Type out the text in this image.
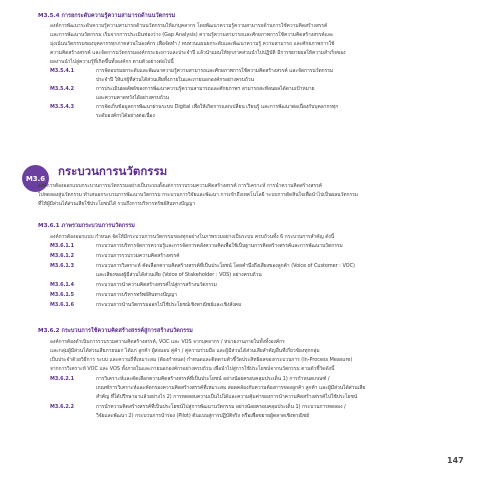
M3.5.4 การยกระดับความรู้ความสามารถด้านนวัตกรรม
องค์การพัฒนาระดับความรู้ความสามารถด้านนวัตกรรมให้แก่บุคลากร โดยพัฒนาความรู้ความสามารถด้านการใช้ความคิดสร้างสรรค์
และการพัฒนานวัตกรรม เริ่มจากการประเมินช่องว่าง (Gap Analysis) ความรู้ความสามารถและศักยภาพการใช้ความคิดสร้างสรรค์และ
มุ่งเน้นนวัตกรรมของบุคลากรทุกภาคส่วนในองค์กร เพื่อจัดทำ / ทบทวนแผนยกระดับและพัฒนาความรู้ ความสามารถ และศักยภาพการใช้
ความคิดสร้างสรรค์ และจัดการนวัตกรรมองค์กรระยะยาวและประจำปี แล้วนำแผนให้ทุกภาคส่วนนำไปปฏิบัติ มีการขยายผลให้ความสำเร็จของ
ผลงานนำไปสู่ความรู้ที่เกิดขึ้นทั้งองค์กร ตามตัวอย่างต่อไปนี้
M3.5.4.1	การจัดอบรมยกระดับและพัฒนาความรู้ความสามารถและศักยภาพการใช้ความคิดสร้างสรรค์ และจัดการนวัตกรรม
ประจำปี ให้แก่ผู้ที่ส่วนได้ส่วนเสียทั้งภายในและภายนอกองค์กรอย่างครบถ้วน
M3.5.4.2	การประเมินผลลัพธ์ของการพัฒนาความรู้ความสามารถและศักยภาพฯ สามารถสะท้อนผลได้ตามเป้าหมาย
และความคาดหวังได้อย่างครบถ้วน
M3.5.4.3	การจัดเก็บข้อมูลการพัฒนาผ่านระบบ Digital เพื่อให้เกิดการแลกเปลี่ยน เรียนรู้ และการพัฒนาต่อเนื่องกับบุคลากรทุก
ระดับองค์กรได้อย่างต่อเนื่อง
M3.6
กระบวนการนวัตกรรม
องค์การต้องออกแบบกระบวนการนวัตกรรมอย่างเป็นระบบตั้งแต่การรวบรวมความคิดสร้างสรรค์ การวิเคราะห์ การนำความคิดสร้างสรรค์
ไปทดลองสู่นวัตกรรม ทำเสนอกระบวนการพัฒนานวัตกรรม กระบวนการวิจัยและพัฒนา การเข้าถึงเทคโนโลยี ระบบการตัดสินใจเพื่อนำไปเป็นผลนวัตกรรม
ที่ให้ผู้มีส่วนได้ส่วนเสียใช้ประโยชน์ได้ รวมถึงการบริหารทรัพย์สินทางปัญญา
M3.6.1 ภาพรวมกระบวนการนวัตกรรม
องค์การต้องออกแบบ กำหนด จัดให้มีกระบวนการนวัตกรรมของทุกอย่างในภาพรวมอย่างเป็นระบบ ครบถ้วนทั้ง 6 กระบวนการสำคัญ ดังนี้
M3.6.1.1	กระบวนการบริหารจัดการความรู้และการจัดการคลังความคิดเพื่อใช้เป็นฐานการคิดสร้างสรรค์และการพัฒนานวัตกรรม
M3.6.1.2	กระบวนการรวบรวมความคิดสร้างสรรค์
M3.6.1.3	กระบวนการวิเคราะห์ คัดเลือกความคิดสร้างสรรค์ที่เป็นประโยชน์ โดยคำนึงถึงเสียงของลูกค้า (Voice of Customer : VOC)
และเสียงของผู้มีส่วนได้ส่วนเสีย (Voice of Stakeholder : VOS) อย่างครบถ้วน
M3.6.1.4	กระบวนการนำความคิดสร้างสรรค์ไปสู่การสร้างนวัตกรรม
M3.6.1.5	กระบวนการบริหารทรัพย์สินทางปัญญา
M3.6.1.6	กระบวนการนำนวัตกรรมออกไปใช้ประโยชน์เชิงพาณิชย์และเชิงสังคม
M3.6.2 กระบวนการใช้ความคิดสร้างสรรค์สู่การสร้างนวัตกรรม
องค์การต้องดำเนินการรวบรวมความคิดสร้างสรรค์, VOC และ VOS จากบุคลากร / หน่วยงานภายในทั้งทั้งองค์กร
และกลุ่มผู้มีส่วนได้ส่วนเสียภายนอก ได้แก่ ลูกค้า ผู้ส่งมอบ คู่ค้า / คู่ความร่วมมือ และผู้มีส่วนได้ส่วนเสียสำคัญอื่นที่เกี่ยวข้องทุกกลุ่ม
เป็นประจำด้วยวิธีการ ระบบ และความถี่ที่เหมาะสม (ต้องกำหนด) กำหนดและติดตามตัวชี้วัดประสิทธิผลของกระบวนการ (In-Process Measure)
จากการวิเคราะห์ VOC และ VOS ทั้งภายในและภายนอกองค์กรอย่างครบถ้วน เพื่อนำไปสู่การใช้ประโยชน์จากนวัตกรรม ตามตัวชี้วัดดังนี้
M3.6.2.1	การวิเคราะห์และคัดเลือกความคิดสร้างสรรค์ที่เป็นประโยชน์ อย่างน้อยครอบคลุมประเด็น 1) การกำหนดเกณฑ์ /
เกณฑ์การวิเคราะห์และคัดกรองความคิดสร้างสรรค์ที่เหมาะสม สอดคล้องกับความต้องการของลูกค้า ลูกค้า และผู้มีส่วนได้ส่วนเสีย
สำคัญ ที่ได้ปรึกษามาแล้วอย่างไร 2) การทดสอบความเป็นไปได้และความคุ้มค่าของการนำความคิดสร้างสรรค์ไปใช้ประโยชน์
M3.6.2.2	การนำความคิดสร้างสรรค์ที่เป็นประโยชน์ไปสู่การพัฒนานวัตกรรม อย่างน้อยครอบคลุมประเด็น 1) กระบวนการทดลอง /
วิจัยและพัฒนา 2) กระบวนการนำร่อง (Pilot) ต้นแบบสู่การปฏิบัติจริง หรือเพื่อขยายผู้ตลาดเชิงพาณิชย์
147
